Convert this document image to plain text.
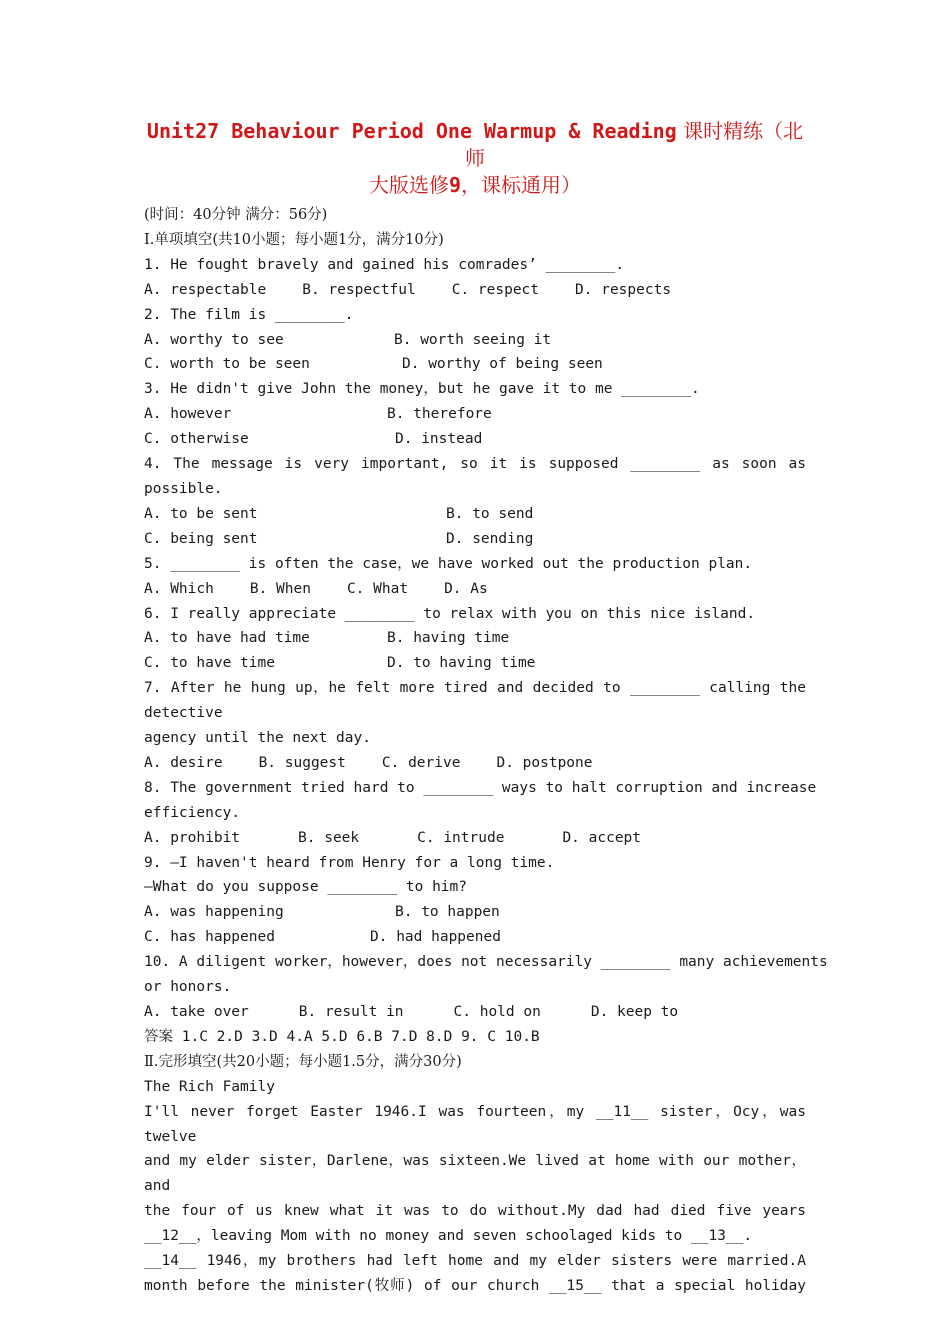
Unit27 Behaviour Period One Warmup & Reading 课时精练（北师
大版选修9，课标通用）
(时间：40分钟 满分：56分)
Ⅰ.单项填空(共10小题；每小题1分，满分10分)
1. He fought bravely and gained his comrades’ ________.
A. respectable B. respectful C. respect D. respects
2. The film is ________.
A. worthy to see	B. worth seeing it
C. worth to be seen	D. worthy of being seen
3. He didn't give John the money，but he gave it to me ________.
A. however	B. therefore
C. otherwise	D. instead
4. The message is very important, so it is supposed ________ as soon as
possible.
A. to be sent	B. to send
C. being sent	D. sending
5. ________ is often the case，we have worked out the production plan.
A. Which B. When C. What D. As
6. I really appreciate ________ to relax with you on this nice island.
A. to have had time	B. having time
C. to have time	D. to having time
7. After he hung up，he felt more tired and decided to ________ calling the
detective
agency until the next day.
A. desire B. suggest C. derive D. postpone
8. The government tried hard to ________ ways to halt corruption and increase
efficiency.
A. prohibit	B. seek	C. intrude	D. accept
9. —I haven't heard from Henry for a long time.
—What do you suppose ________ to him?
A. was happening	B. to happen
C. has happened	D. had happened
10. A diligent worker，however，does not necessarily ________ many achievements
or honors.
A. take over	B. result in	C. hold on	D. keep to
答案 1.C 2.D 3.D 4.A 5.D 6.B 7.D 8.D 9. C 10.B
Ⅱ.完形填空(共20小题；每小题1.5分，满分30分)
The Rich Family
I'll never forget Easter 1946.I was fourteen，my __11__ sister，Ocy，was twelve
and my elder sister，Darlene，was sixteen.We lived at home with our mother，and
the four of us knew what it was to do without.My dad had died five years
__12__，leaving Mom with no money and seven schoolaged kids to __13__.
__14__ 1946，my brothers had left home and my elder sisters were married.A
month before the minister(牧师) of our church __15__ that a special holiday
